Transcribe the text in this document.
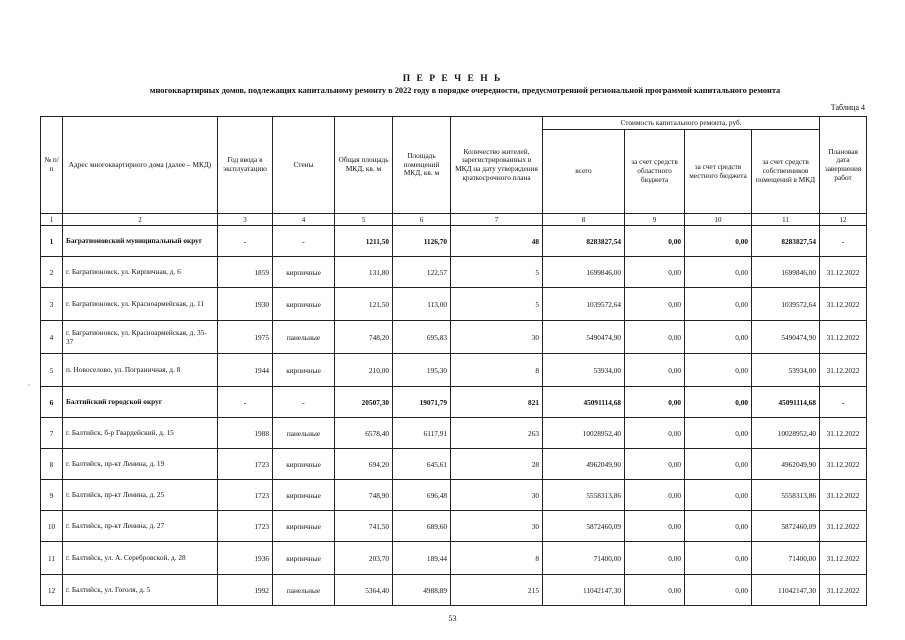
П Е Р Е Ч Е Н Ь
многоквартирных домов, подлежащих капитальному ремонту в 2022 году в порядке очередности, предусмотренной региональной программой капитального ремонта
Таблица 4
,
№ п/п	Адрес многоквартирного дома (далее – МКД)	Год ввода в эксплуатацию	Стены	Общая площадь МКД, кв. м	Площадь помещений МКД, кв. м	Количество жителей, зарегистрированных в МКД на дату утверждения краткосрочного плана	Стоимость капитального ремонта, руб.				Плановая дата завершения работ
							всего	за счет средств областного бюджета	за счет средств местного бюджета	за счет средств собственников помещений в МКД	
1	2	3	4	5	6	7	8	9	10	11	12
1	Багратионовский муниципальный округ	-	-	1211,50	1126,70	48	8283827,54	0,00	0,00	8283827,54	-
2	г. Багратионовск, ул. Кирпичная, д. 6	1859	кирпичные	131,80	122,57	5	1699846,00	0,00	0,00	1699846,00	31.12.2022
3	г. Багратионовск, ул. Красноармейская, д. 11	1930	кирпичные	121,50	113,00	5	1039572,64	0,00	0,00	1039572,64	31.12.2022
4	г. Багратионовск, ул. Красноармейская, д. 35-37	1975	панельные	748,20	695,83	30	5490474,90	0,00	0,00	5490474,90	31.12.2022
5	п. Новоселово, ул. Пограничная, д. 8	1944	кирпичные	210,00	195,30	8	53934,00	0,00	0,00	53934,00	31.12.2022
6	Балтийский городской округ	-	-	20507,30	19071,79	821	45091114,68	0,00	0,00	45091114,68	-
7	г. Балтийск, б-р Гвардейский, д. 15	1988	панельные	6578,40	6117,91	263	10028952,40	0,00	0,00	10028952,40	31.12.2022
8	г. Балтийск, пр-кт Ленина, д. 19	1723	кирпичные	694,20	645,61	28	4962049,90	0,00	0,00	4962049,90	31.12.2022
9	г. Балтийск, пр-кт Ленина, д. 25	1723	кирпичные	748,90	696,48	30	5558313,86	0,00	0,00	5558313,86	31.12.2022
10	г. Балтийск, пр-кт Ленина, д. 27	1723	кирпичные	741,50	689,60	30	5872460,09	0,00	0,00	5872460,09	31.12.2022
11	г. Балтийск, ул. А. Серебровской, д. 28	1936	кирпичные	203,70	189,44	8	71400,00	0,00	0,00	71400,00	31.12.2022
12	г. Балтийск, ул. Гоголя, д. 5	1992	панельные	5364,40	4988,89	215	11042147,30	0,00	0,00	11042147,30	31.12.2022
53
